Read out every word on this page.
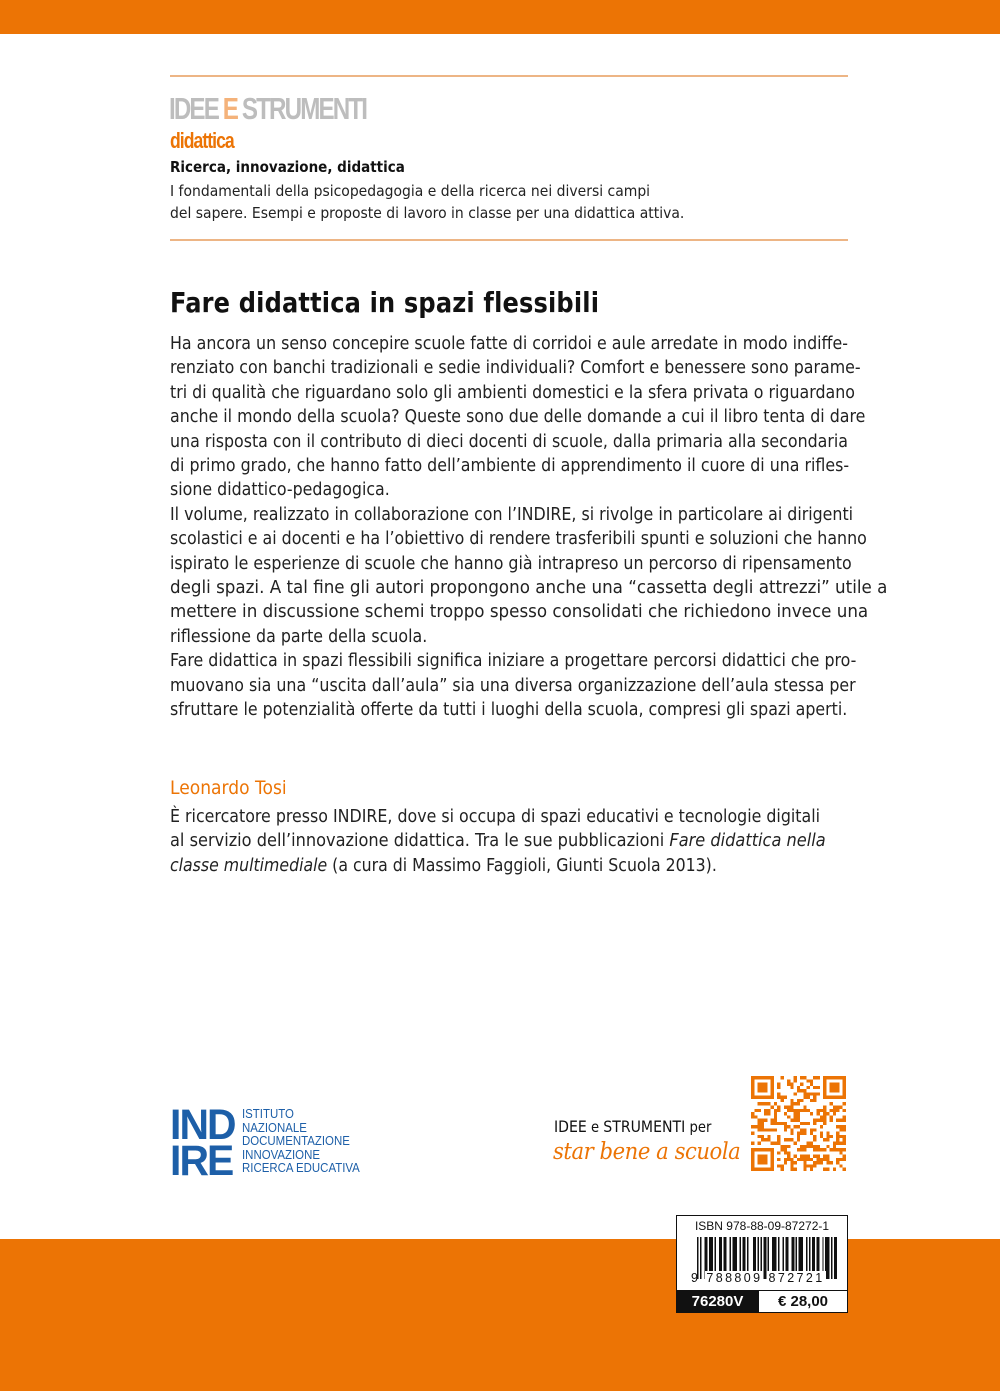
IDEE E STRUMENTI
didattica
Ricerca, innovazione, didattica
I fondamentali della psicopedagogia e della ricerca nei diversi campi
del sapere. Esempi e proposte di lavoro in classe per una didattica attiva.
Fare didattica in spazi flessibili
Ha ancora un senso concepire scuole fatte di corridoi e aule arredate in modo indiffe-
renziato con banchi tradizionali e sedie individuali? Comfort e benessere sono parame-
tri di qualità che riguardano solo gli ambienti domestici e la sfera privata o riguardano
anche il mondo della scuola? Queste sono due delle domande a cui il libro tenta di dare
una risposta con il contributo di dieci docenti di scuole, dalla primaria alla secondaria
di primo grado, che hanno fatto dell’ambiente di apprendimento il cuore di una rifles-
sione didattico-pedagogica.
Il volume, realizzato in collaborazione con l’INDIRE, si rivolge in particolare ai dirigenti
scolastici e ai docenti e ha l’obiettivo di rendere trasferibili spunti e soluzioni che hanno
ispirato le esperienze di scuole che hanno già intrapreso un percorso di ripensamento
degli spazi. A tal fine gli autori propongono anche una “cassetta degli attrezzi” utile a
mettere in discussione schemi troppo spesso consolidati che richiedono invece una
riflessione da parte della scuola.
Fare didattica in spazi flessibili significa iniziare a progettare percorsi didattici che pro-
muovano sia una “uscita dall’aula” sia una diversa organizzazione dell’aula stessa per
sfruttare le potenzialità offerte da tutti i luoghi della scuola, compresi gli spazi aperti.
Leonardo Tosi
È ricercatore presso INDIRE, dove si occupa di spazi educativi e tecnologie digitali
al servizio dell’innovazione didattica. Tra le sue pubblicazioni Fare didattica nella
classe multimediale (a cura di Massimo Faggioli, Giunti Scuola 2013).
IND
IRE
ISTITUTO
NAZIONALE
DOCUMENTAZIONE
INNOVAZIONE
RICERCA EDUCATIVA
IDEE e STRUMENTI per
star bene a scuola
ISBN 978-88-09-87272-1
9 788809 872721
76280V	€ 28,00
